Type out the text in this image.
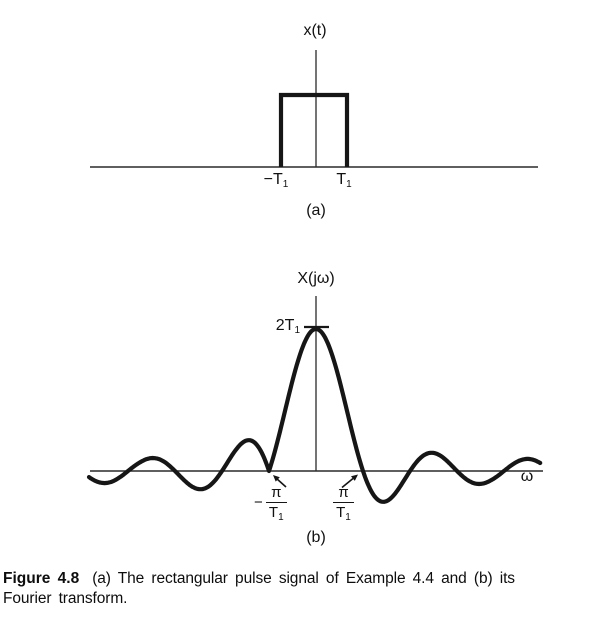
x(t)
$-T_1$	$T_1$
(a)
X(jω)
$2T_1$
ω
− $\frac{\pi}{T_1}$	$\frac{\pi}{T_1}$
(b)
Figure 4.8 (a) The rectangular pulse signal of Example 4.4 and (b) its
Fourier transform.
